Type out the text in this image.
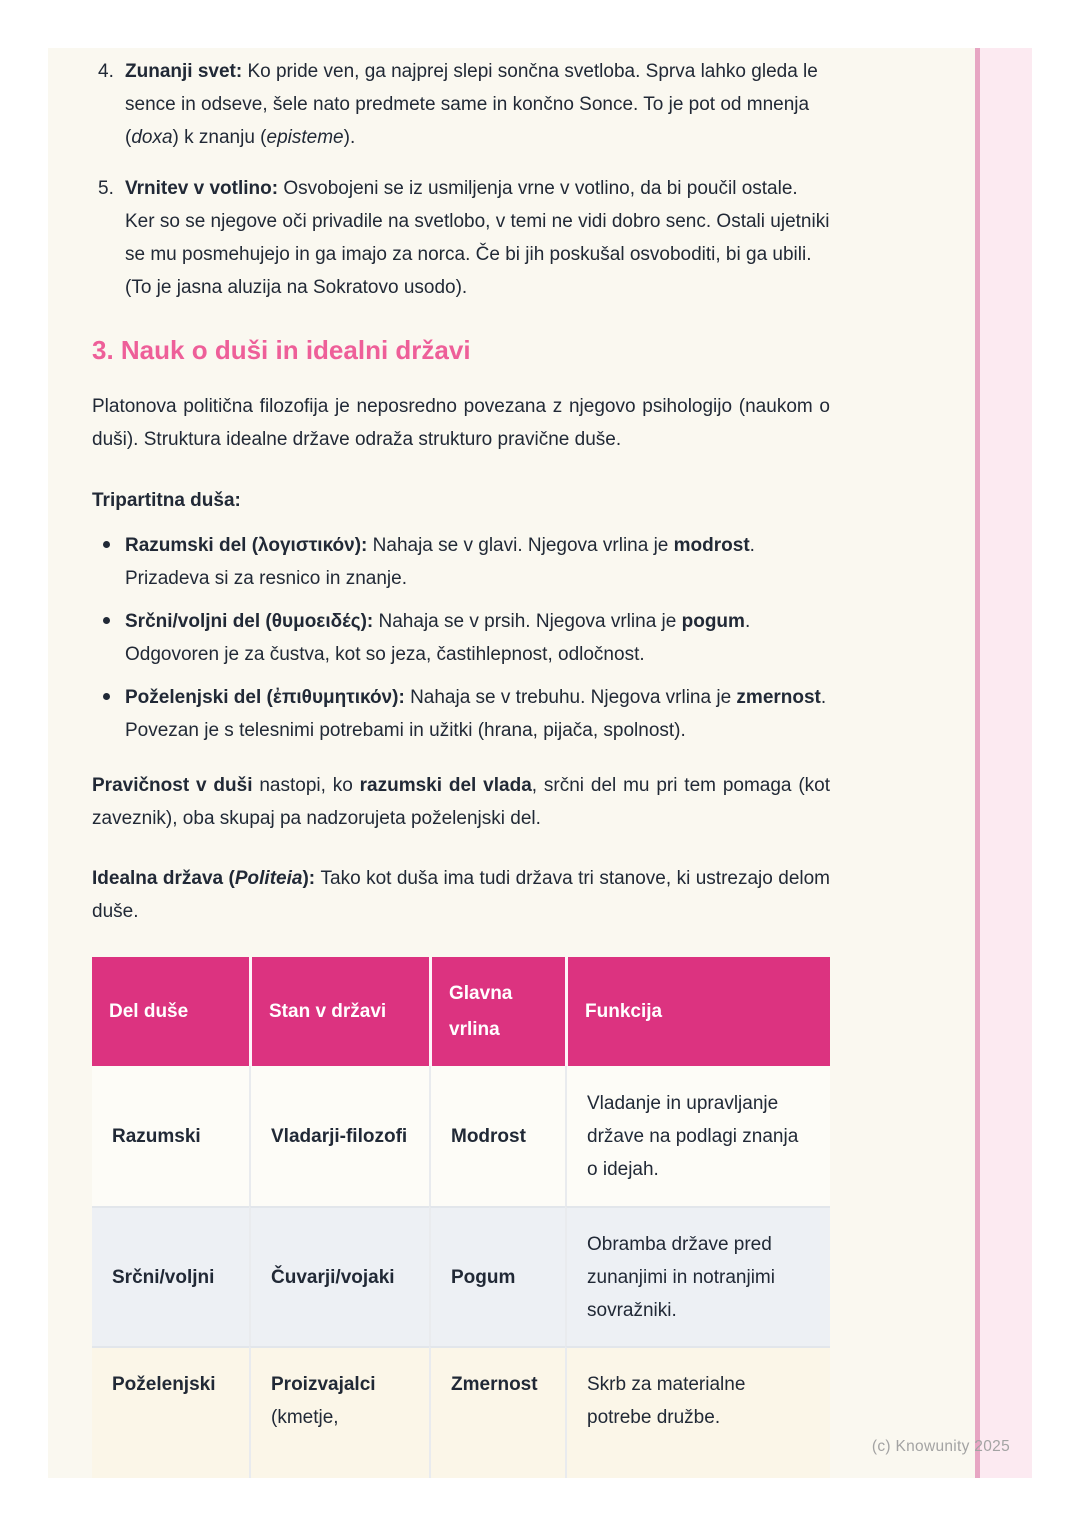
4. Zunanji svet: Ko pride ven, ga najprej slepi sončna svetloba. Sprva lahko gleda le sence in odseve, šele nato predmete same in končno Sonce. To je pot od mnenja (doxa) k znanju (episteme).
5. Vrnitev v votlino: Osvobojeni se iz usmiljenja vrne v votlino, da bi poučil ostale. Ker so se njegove oči privadile na svetlobo, v temi ne vidi dobro senc. Ostali ujetniki se mu posmehujejo in ga imajo za norca. Če bi jih poskušal osvoboditi, bi ga ubili. (To je jasna aluzija na Sokratovo usodo).
3. Nauk o duši in idealni državi

Platonova politična filozofija je neposredno povezana z njegovo psihologijo (naukom o duši). Struktura idealne države odraža strukturo pravične duše.

Tripartitna duša:

Razumski del (λογιστικόν): Nahaja se v glavi. Njegova vrlina je modrost. Prizadeva si za resnico in znanje.
Srčni/voljni del (θυμοειδές): Nahaja se v prsih. Njegova vrlina je pogum. Odgovoren je za čustva, kot so jeza, častihlepnost, odločnost.
Poželenjski del (ἐπιθυμητικόν): Nahaja se v trebuhu. Njegova vrlina je zmernost. Povezan je s telesnimi potrebami in užitki (hrana, pijača, spolnost).

Pravičnost v duši nastopi, ko razumski del vlada, srčni del mu pri tem pomaga (kot zaveznik), oba skupaj pa nadzorujeta poželenjski del.

Idealna država (Politeia): Tako kot duša ima tudi država tri stanove, ki ustrezajo delom duše.

Del duše	Stan v državi	Glavna vrlina	Funkcija
Razumski	Vladarji-filozofi	Modrost	Vladanje in upravljanje države na podlagi znanja o idejah.
Srčni/voljni	Čuvarji/vojaki	Pogum	Obramba države pred zunanjimi in notranjimi sovražniki.
Poželenjski	Proizvajalci (kmetje,	Zmernost	Skrb za materialne potrebe družbe.
(c) Knowunity 2025
